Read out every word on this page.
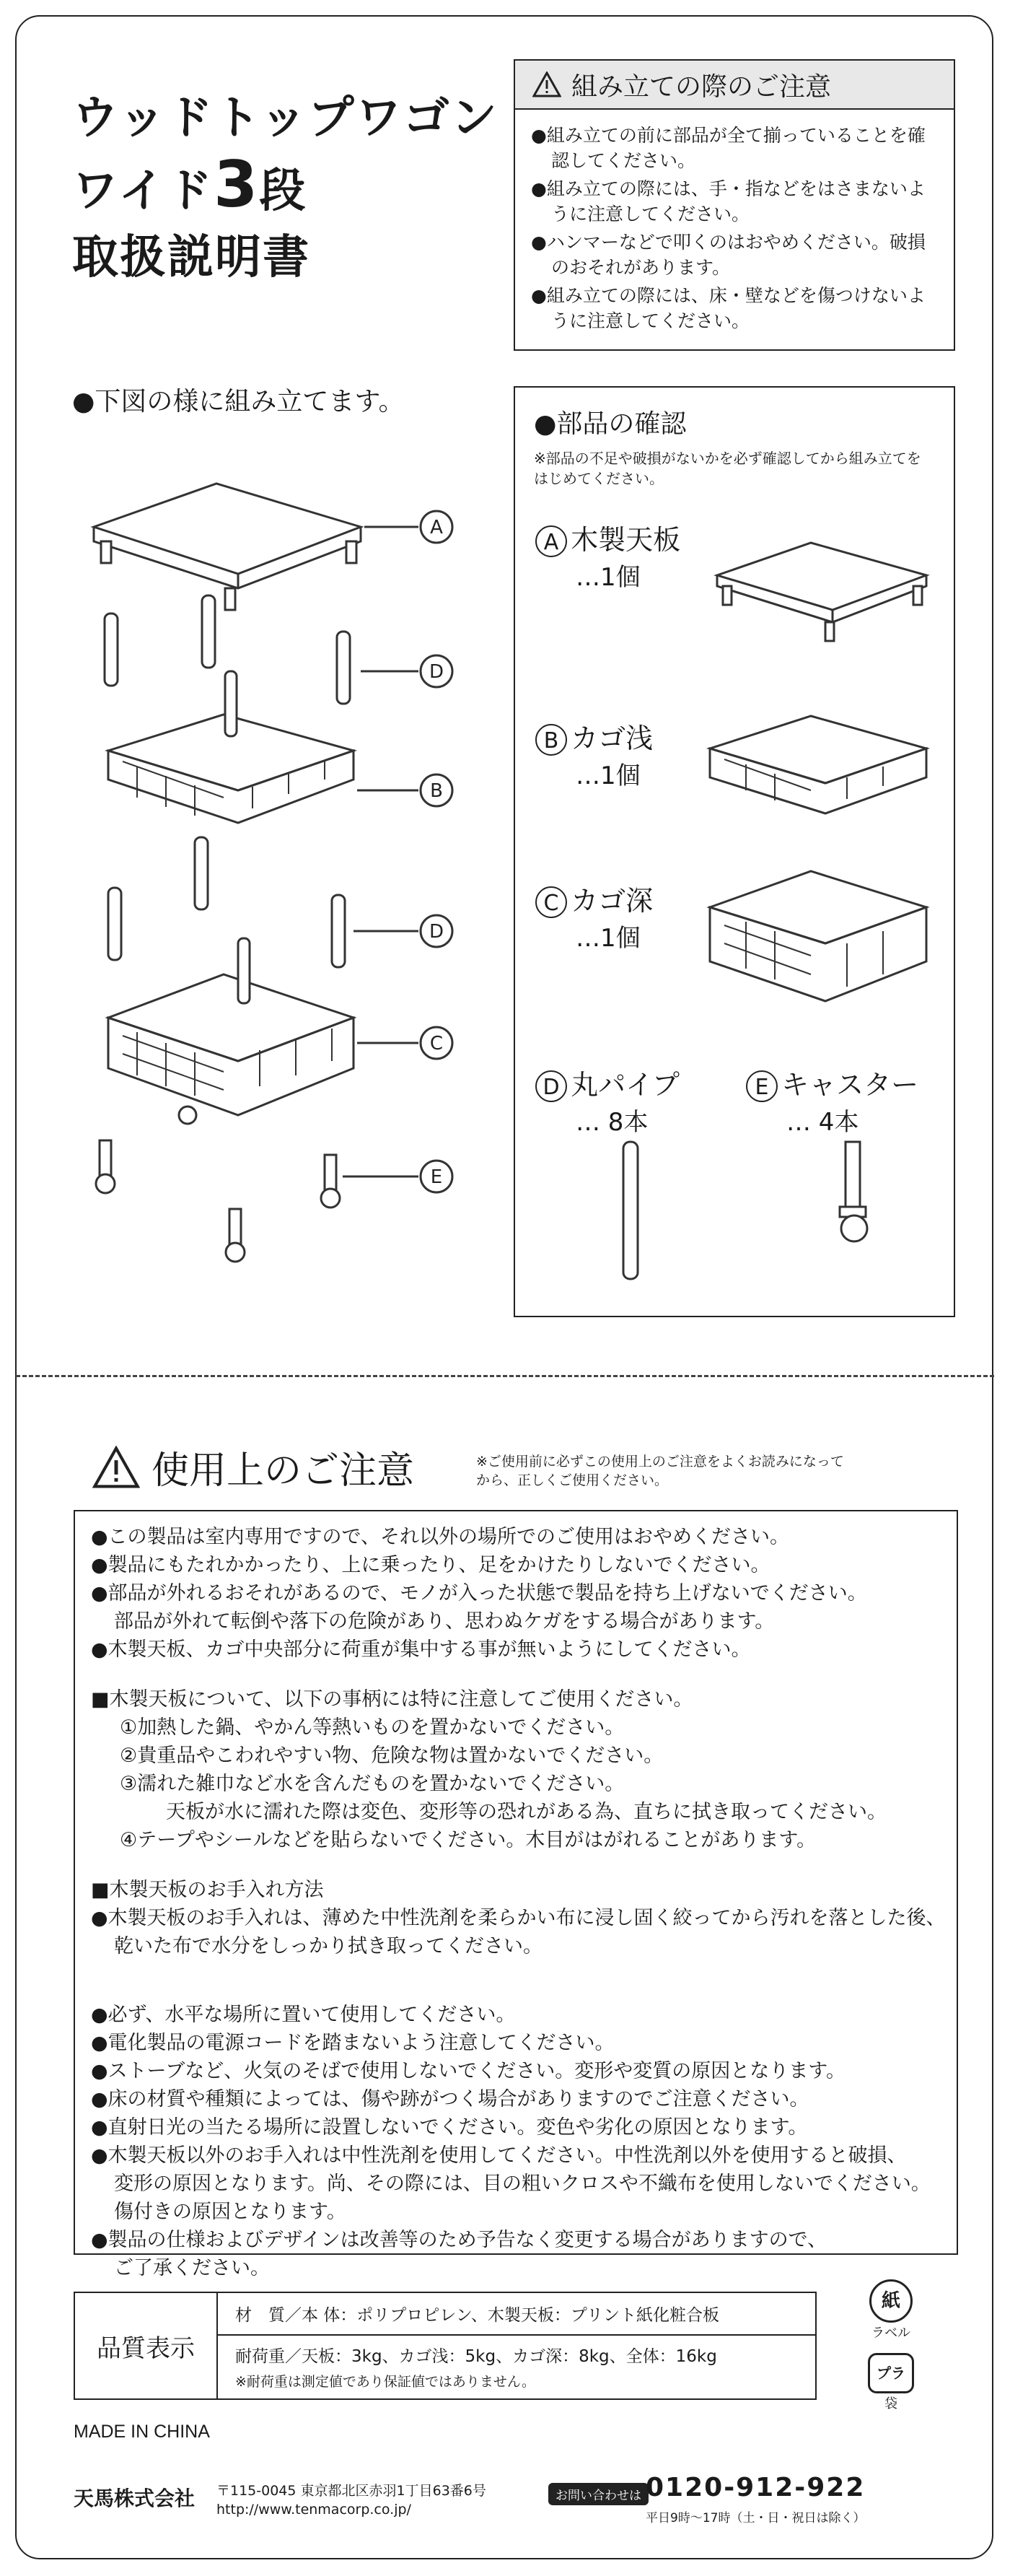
ウッドトップワゴン
ワイド3段
取扱説明書
組み立ての際のご注意

●組み立ての前に部品が全て揃っていることを確認してください。

●組み立ての際には、手・指などをはさまないように注意してください。

●ハンマーなどで叩くのはおやめください。破損のおそれがあります。

●組み立ての際には、床・壁などを傷つけないように注意してください。

●下図の様に組み立てます。
A
D
B
D
C
E
●部品の確認
※部品の不足や破損がないかを必ず確認してから組み立てをはじめてください。
A 木製天板
…1個
B カゴ浅
…1個
C カゴ深
…1個
D 丸パイプ
… 8本
E キャスター
… 4本
使用上のご注意	※ご使用前に必ずこの使用上のご注意をよくお読みになってから、正しくご使用ください。

●この製品は室内専用ですので、それ以外の場所でのご使用はおやめください。

●製品にもたれかかったり、上に乗ったり、足をかけたりしないでください。

●部品が外れるおそれがあるので、モノが入った状態で製品を持ち上げないでください。

部品が外れて転倒や落下の危険があり、思わぬケガをする場合があります。

●木製天板、カゴ中央部分に荷重が集中する事が無いようにしてください。

■木製天板について、以下の事柄には特に注意してご使用ください。

①加熱した鍋、やかん等熱いものを置かないでください。

②貴重品やこわれやすい物、危険な物は置かないでください。

③濡れた雑巾など水を含んだものを置かないでください。

天板が水に濡れた際は変色、変形等の恐れがある為、直ちに拭き取ってください。

④テープやシールなどを貼らないでください。木目がはがれることがあります。

■木製天板のお手入れ方法

●木製天板のお手入れは、薄めた中性洗剤を柔らかい布に浸し固く絞ってから汚れを落とした後、

乾いた布で水分をしっかり拭き取ってください。

●必ず、水平な場所に置いて使用してください。

●電化製品の電源コードを踏まないよう注意してください。

●ストーブなど、火気のそばで使用しないでください。変形や変質の原因となります。

●床の材質や種類によっては、傷や跡がつく場合がありますのでご注意ください。

●直射日光の当たる場所に設置しないでください。変色や劣化の原因となります。

●木製天板以外のお手入れは中性洗剤を使用してください。中性洗剤以外を使用すると破損、

変形の原因となります。尚、その際には、目の粗いクロスや不織布を使用しないでください。

傷付きの原因となります。

●製品の仕様およびデザインは改善等のため予告なく変更する場合がありますので、

ご了承ください。

品質表示	材　質／本 体：ポリプロピレン、木製天板：プリント紙化粧合板

耐荷重／天板：3kg、カゴ浅：5kg、カゴ深：8kg、全体：16kg
※耐荷重は測定値であり保証値ではありません。
紙
ラベル
プラ
袋
MADE IN CHINA
天馬株式会社 〒115-0045 東京都北区赤羽1丁目63番6号
http://www.tenmacorp.co.jp/
お問い合わせは 0120-912-922
平日9時～17時（土・日・祝日は除く）
